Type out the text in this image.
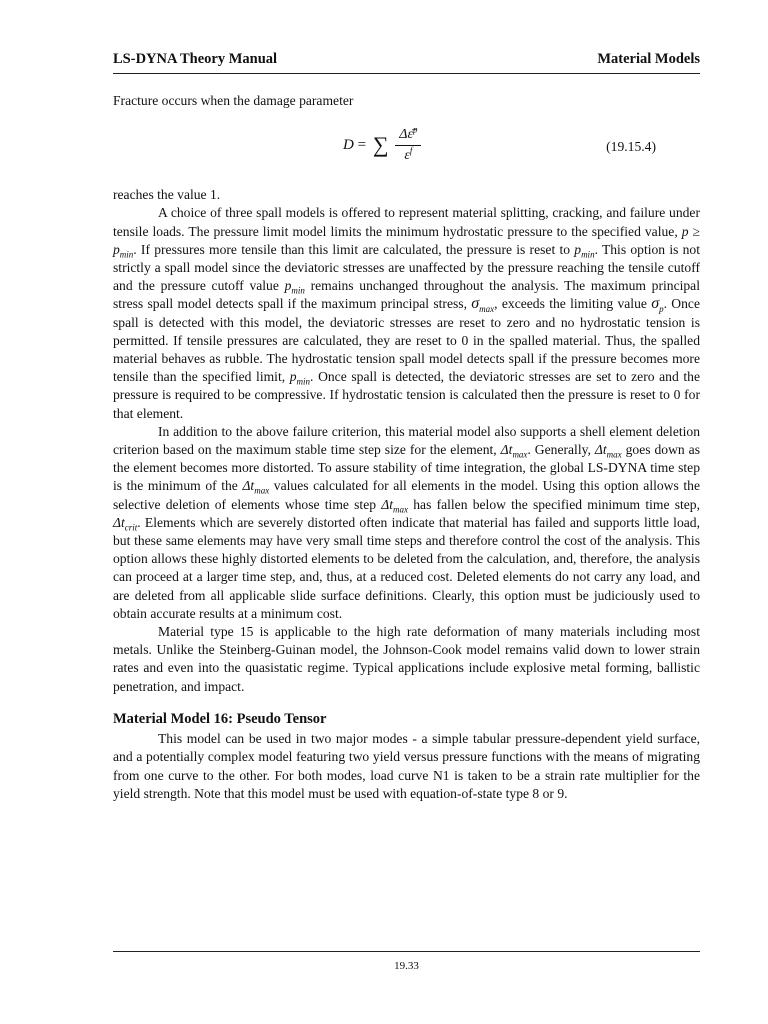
LS-DYNA Theory Manual	Material Models

Fracture occurs when the damage parameter

D = ∑ $\frac{\Delta\varepsilon̄^p}{\varepsilon^f}$	(19.15.4)

reaches the value 1.

A choice of three spall models is offered to represent material splitting, cracking, and failure under tensile loads. The pressure limit model limits the minimum hydrostatic pressure to the specified value, $p \ge p_{min}$. If pressures more tensile than this limit are calculated, the pressure is reset to $p_{min}$. This option is not strictly a spall model since the deviatoric stresses are unaffected by the pressure reaching the tensile cutoff and the pressure cutoff value $p_{min}$ remains unchanged throughout the analysis. The maximum principal stress spall model detects spall if the maximum principal stress, $\sigma_{max}$, exceeds the limiting value $\sigma_p$. Once spall is detected with this model, the deviatoric stresses are reset to zero and no hydrostatic tension is permitted. If tensile pressures are calculated, they are reset to 0 in the spalled material. Thus, the spalled material behaves as rubble. The hydrostatic tension spall model detects spall if the pressure becomes more tensile than the specified limit, $p_{min}$. Once spall is detected, the deviatoric stresses are set to zero and the pressure is required to be compressive. If hydrostatic tension is calculated then the pressure is reset to 0 for that element.

In addition to the above failure criterion, this material model also supports a shell element deletion criterion based on the maximum stable time step size for the element, $\Delta t_{max}$. Generally, $\Delta t_{max}$ goes down as the element becomes more distorted. To assure stability of time integration, the global LS-DYNA time step is the minimum of the $\Delta t_{max}$ values calculated for all elements in the model. Using this option allows the selective deletion of elements whose time step $\Delta t_{max}$ has fallen below the specified minimum time step, $\Delta t_{crit}$. Elements which are severely distorted often indicate that material has failed and supports little load, but these same elements may have very small time steps and therefore control the cost of the analysis. This option allows these highly distorted elements to be deleted from the calculation, and, therefore, the analysis can proceed at a larger time step, and, thus, at a reduced cost. Deleted elements do not carry any load, and are deleted from all applicable slide surface definitions. Clearly, this option must be judiciously used to obtain accurate results at a minimum cost.

Material type 15 is applicable to the high rate deformation of many materials including most metals. Unlike the Steinberg-Guinan model, the Johnson-Cook model remains valid down to lower strain rates and even into the quasistatic regime. Typical applications include explosive metal forming, ballistic penetration, and impact.

Material Model 16: Pseudo Tensor

This model can be used in two major modes - a simple tabular pressure-dependent yield surface, and a potentially complex model featuring two yield versus pressure functions with the means of migrating from one curve to the other. For both modes, load curve N1 is taken to be a strain rate multiplier for the yield strength. Note that this model must be used with equation-of-state type 8 or 9.

19.33
